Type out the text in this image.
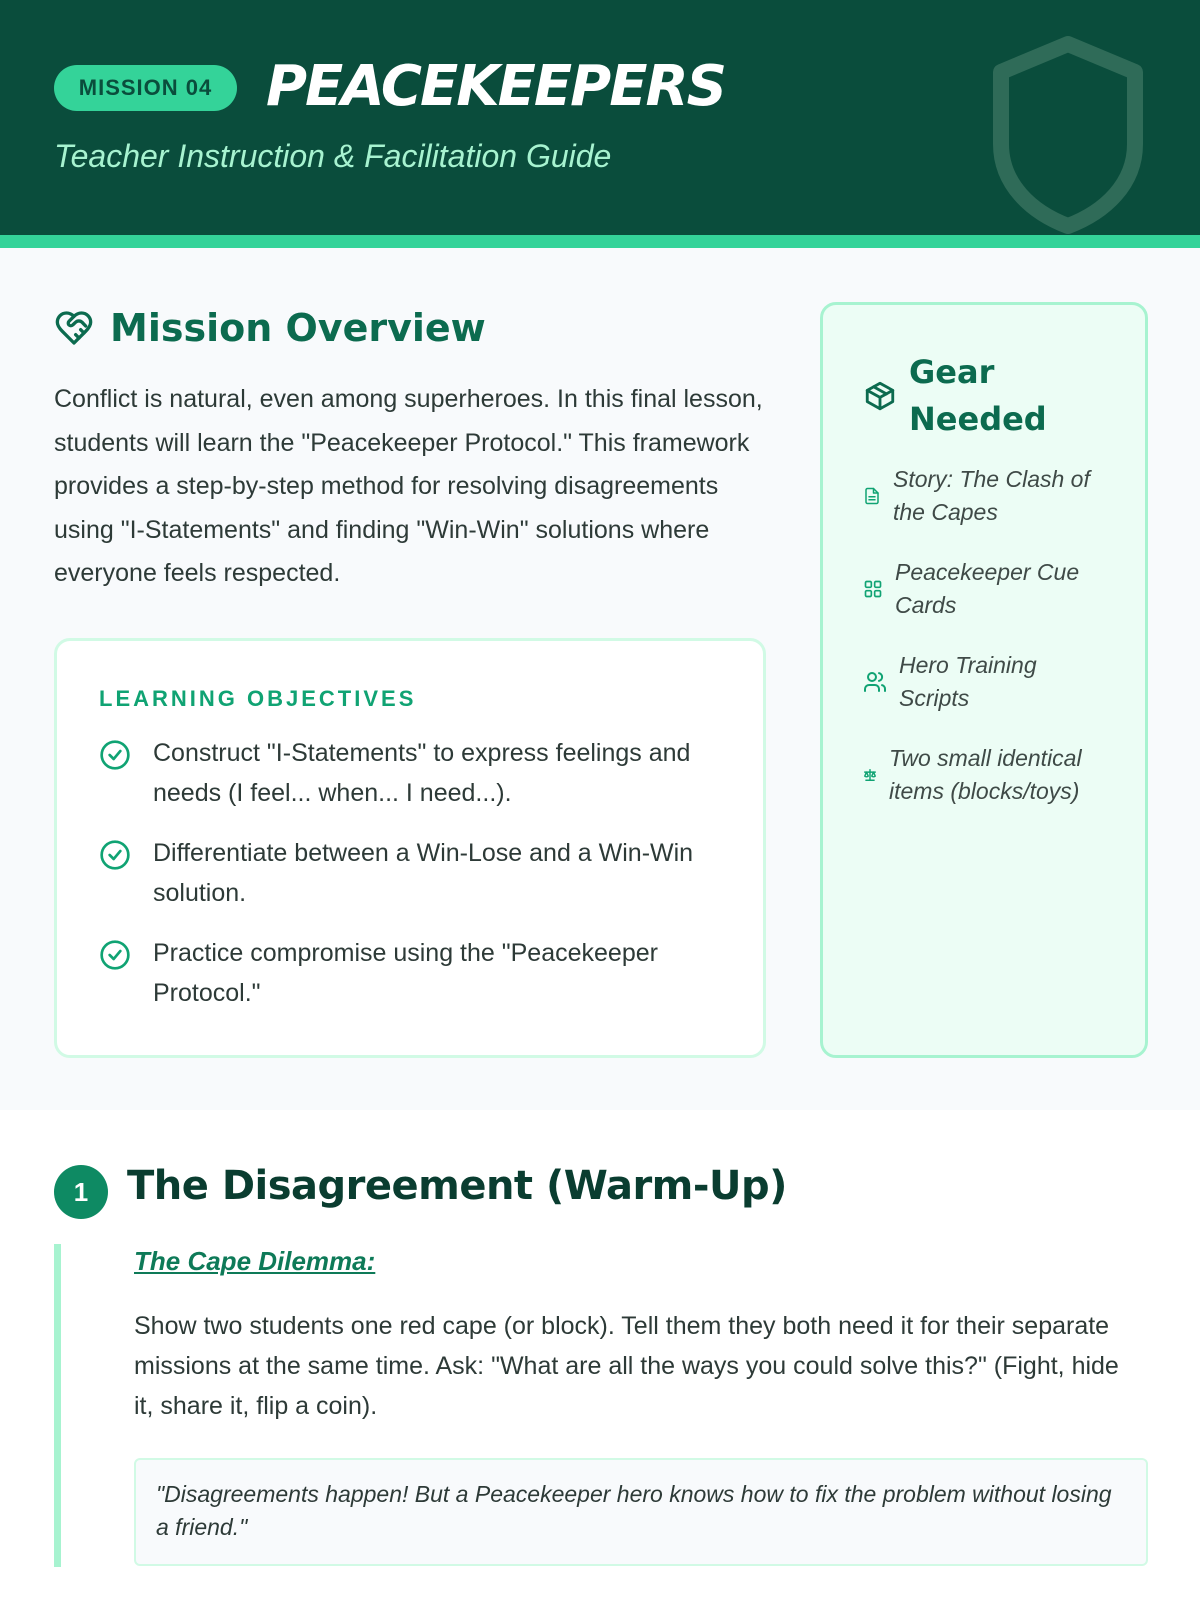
MISSION 04 PEACEKEEPERS
Teacher Instruction & Facilitation Guide
Mission Overview

Conflict is natural, even among superheroes. In this final lesson, students will learn the "Peacekeeper Protocol." This framework provides a step-by-step method for resolving disagreements using "I-Statements" and finding "Win-Win" solutions where everyone feels respected.

LEARNING OBJECTIVES
Construct "I-Statements" to express feelings and needs (I feel... when... I need...).
Differentiate between a Win-Lose and a Win-Win solution.
Practice compromise using the "Peacekeeper Protocol."
Gear Needed
Story: The Clash of the Capes
Peacekeeper Cue Cards
Hero Training Scripts
Two small identical items (blocks/toys)
1 The Disagreement (Warm-Up)
The Cape Dilemma:

Show two students one red cape (or block). Tell them they both need it for their separate missions at the same time. Ask: "What are all the ways you could solve this?" (Fight, hide it, share it, flip a coin).

"Disagreements happen! But a Peacekeeper hero knows how to fix the problem without losing a friend."
